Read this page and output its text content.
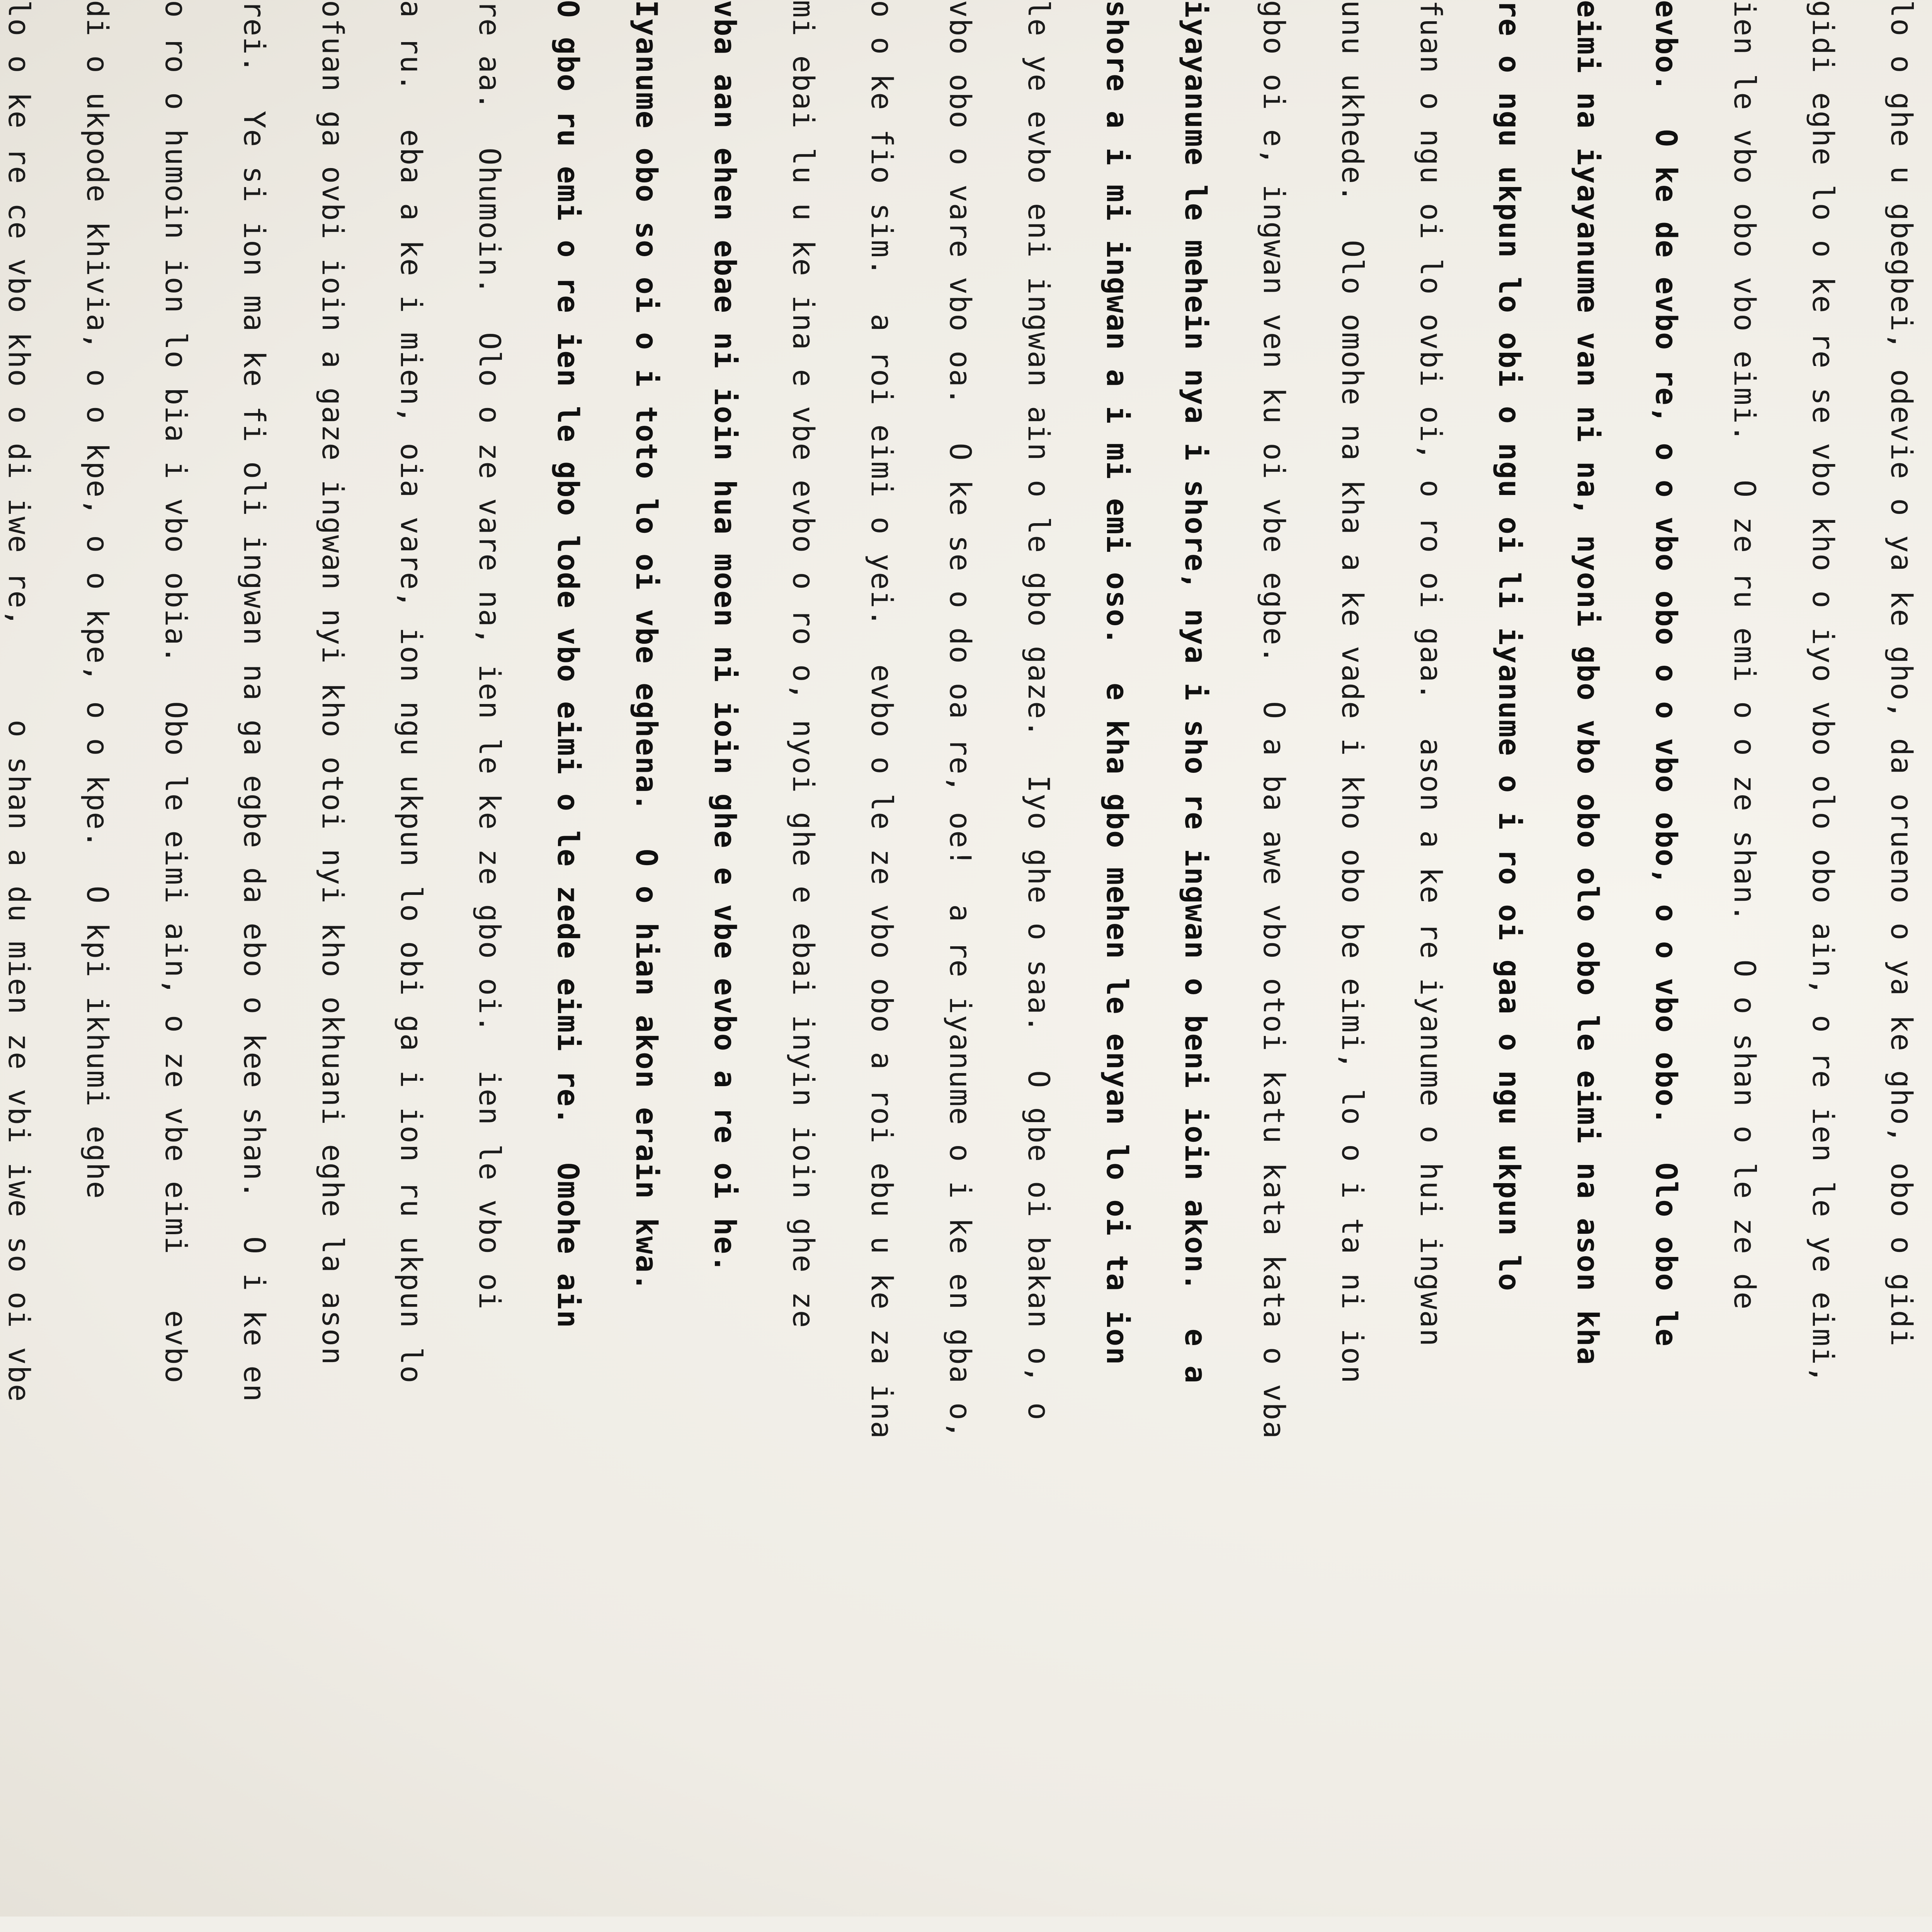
lo o ghe u gbegbei, odevie o ya ke gho, da orueno o ya ke gho, obo o gidi
gidi eghe lo o ke re se vbo kho o iyo vbo olo obo ain, o re ien le ye eimi,
ien le vbo obo vbo eimi.  O ze ru emi o o ze shan.  O o shan o le ze de
evbo.  O ke de evbo re, o o vbo obo o o vbo obo, o o vbo obo.  Olo obo le
eimi na iyayanume van ni na, nyoni gbo vbo obo olo obo le eimi na ason kha
re o ngu ukpun lo obi o ngu oi li iyanume o i ro oi gaa o ngu ukpun lo
fuan o ngu oi lo ovbi oi, o ro oi gaa.  ason a ke re iyanume o hui ingwan
unu ukhede.  Olo omohe na kha a ke vade i kho obo be eimi, lo o i ta ni ion
gbo oi e, ingwan ven ku oi vbe egbe.  O a ba awe vbo otoi katu kata kata o vba
iyayanume le mehein nya i shore, nya i sho re ingwan o beni ioin akon.  e a
shore a i mi ingwan a i mi emi oso.  e kha gbo mehen le enyan lo oi ta ion
le ye evbo eni ingwan ain o le gbo gaze.  Iyo ghe o saa.  O gbe oi bakan o, o
vbo obo o vare vbo oa.  O ke se o do oa re, oe!  a re iyanume o i ke en gba o,
o o ke fio sim.  a roi eimi o yei.  evbo o le ze vbo obo a roi ebu u ke za ina
mi ebai lu u ke ina e vbe evbo o ro o, nyoi ghe e ebai inyin ioin ghe ze
vba aan ehen ebae ni ioin hua moen ni ioin ghe e vbe evbo a re oi he.
Iyanume obo so oi o i toto lo oi vbe eghena.  O o hian akon erain kwa.
O gbo ru emi o re ien le gbo lode vbo eimi o le zede eimi re.  Omohe ain
re aa.  Ohumoin.  Olo o ze vare na, ien le ke ze gbo oi.  ien le vbo oi
a ru.  eba a ke i mien, oia vare, ion ngu ukpun lo obi ga i ion ru ukpun lo
ofuan ga ovbi ioin a gaze ingwan nyi kho otoi nyi kho okhuani eghe la ason
rei.  Ye si ion ma ke fi oli ingwan na ga egbe da ebo o kee shan.  O i ke en
o ro o humoin ion lo bia i vbo obia.  Obo le eimi ain, o ze vbe eimi   evbo
di o ukpode khivia, o o kpe, o o kpe, o o kpe.  O kpi ikhumi eghe
lo o ke re ce vbo kho o di iwe re,     o shan a du mien ze vbi iwe so oi vbe
